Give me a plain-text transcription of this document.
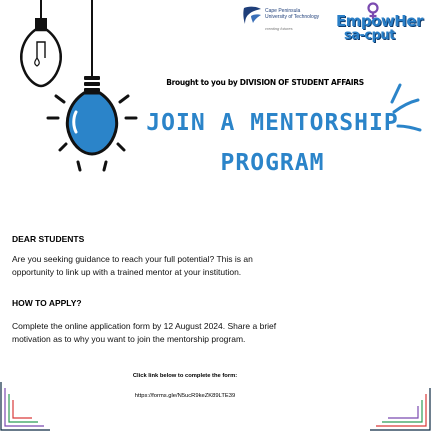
Cape Peninsula
University of Technology
creating futures	EmpowHer
sa-cput
Brought to you by DIVISION OF STUDENT AFFAIRS
JOIN A MENTORSHIP
PROGRAM
DEAR STUDENTS
Are you seeking guidance to reach your full potential? This is an
opportunity to link up with a trained mentor at your institution.
HOW TO APPLY?
Complete the online application form by 12 August 2024. Share a brief
motivation as to why you want to join the mentorship program.
Click link below to complete the form:
https://forms.gle/N5ucR9keZK89LTE39
